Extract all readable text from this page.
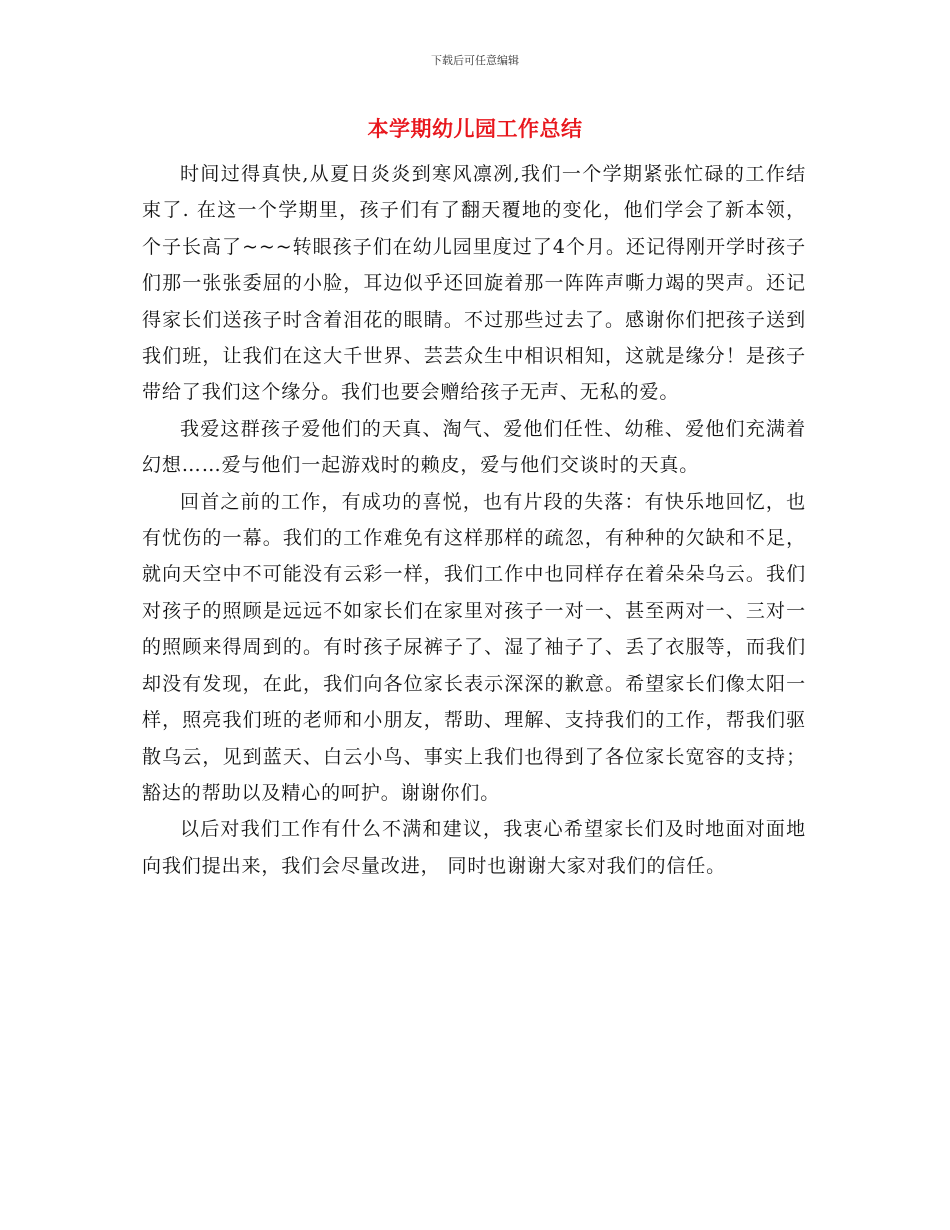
下载后可任意编辑
本学期幼儿园工作总结

时间过得真快,从夏日炎炎到寒风凛冽,我们一个学期紧张忙碌的工作结束了. 在这一个学期里，孩子们有了翻天覆地的变化，他们学会了新本领，个子长高了~~~转眼孩子们在幼儿园里度过了4个月。还记得刚开学时孩子们那一张张委屈的小脸，耳边似乎还回旋着那一阵阵声嘶力竭的哭声。还记得家长们送孩子时含着泪花的眼睛。不过那些过去了。感谢你们把孩子送到我们班，让我们在这大千世界、芸芸众生中相识相知，这就是缘分！是孩子带给了我们这个缘分。我们也要会赠给孩子无声、无私的爱。

我爱这群孩子爱他们的天真、淘气、爱他们任性、幼稚、爱他们充满着幻想……爱与他们一起游戏时的赖皮，爱与他们交谈时的天真。

回首之前的工作，有成功的喜悦，也有片段的失落：有快乐地回忆，也有忧伤的一幕。我们的工作难免有这样那样的疏忽，有种种的欠缺和不足，就向天空中不可能没有云彩一样，我们工作中也同样存在着朵朵乌云。我们对孩子的照顾是远远不如家长们在家里对孩子一对一、甚至两对一、三对一的照顾来得周到的。有时孩子尿裤子了、湿了袖子了、丢了衣服等，而我们却没有发现，在此，我们向各位家长表示深深的歉意。希望家长们像太阳一样，照亮我们班的老师和小朋友，帮助、理解、支持我们的工作，帮我们驱散乌云，见到蓝天、白云小鸟、事实上我们也得到了各位家长宽容的支持；豁达的帮助以及精心的呵护。谢谢你们。

以后对我们工作有什么不满和建议，我衷心希望家长们及时地面对面地向我们提出来，我们会尽量改进， 同时也谢谢大家对我们的信任。
